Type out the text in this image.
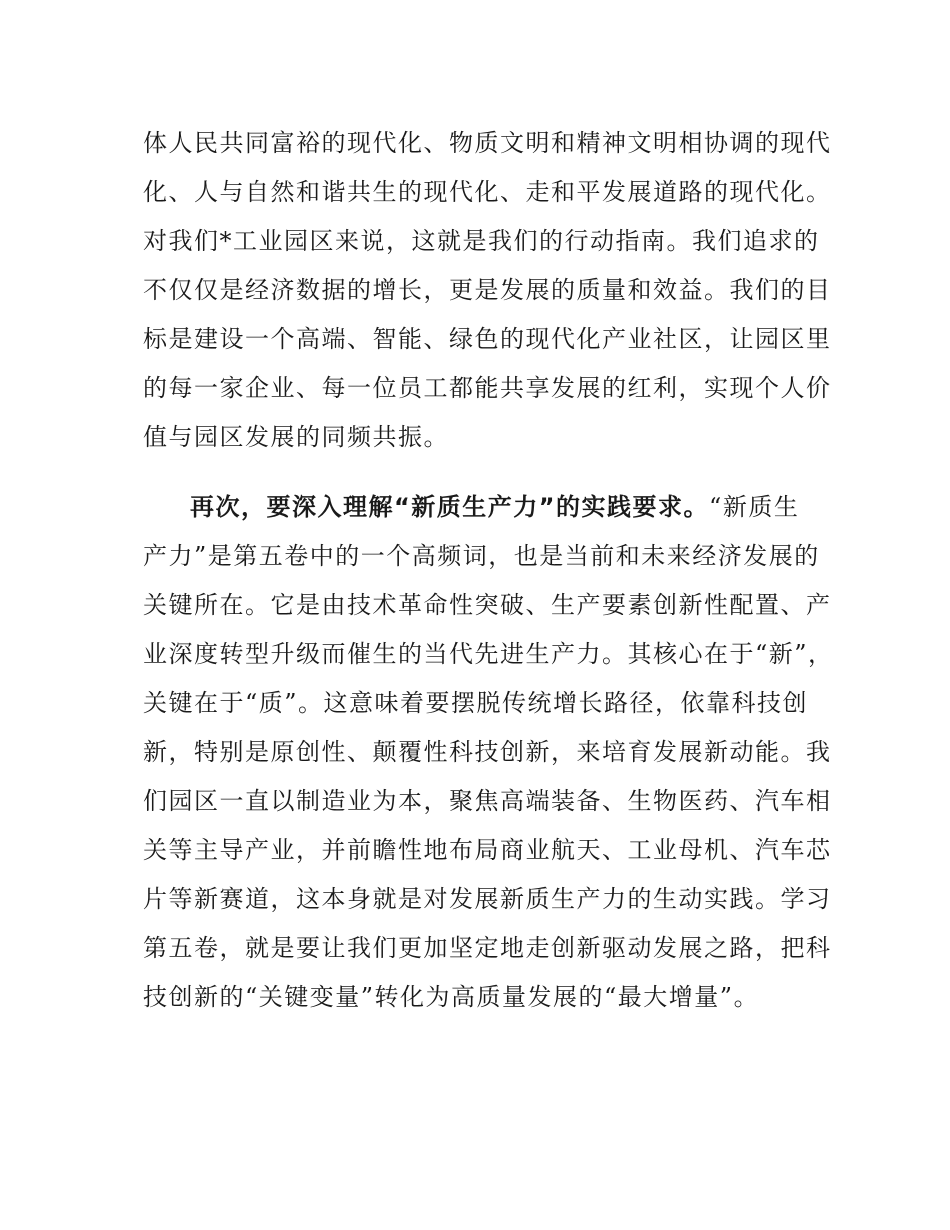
体人民共同富裕的现代化、物质文明和精神文明相协调的现代
化、人与自然和谐共生的现代化、走和平发展道路的现代化。
对我们*工业园区来说，这就是我们的行动指南。我们追求的
不仅仅是经济数据的增长，更是发展的质量和效益。我们的目
标是建设一个高端、智能、绿色的现代化产业社区，让园区里
的每一家企业、每一位员工都能共享发展的红利，实现个人价
值与园区发展的同频共振。
再次，要深入理解“新质生产力”的实践要求。“新质生
产力”是第五卷中的一个高频词，也是当前和未来经济发展的
关键所在。它是由技术革命性突破、生产要素创新性配置、产
业深度转型升级而催生的当代先进生产力。其核心在于“新”，
关键在于“质”。这意味着要摆脱传统增长路径，依靠科技创
新，特别是原创性、颠覆性科技创新，来培育发展新动能。我
们园区一直以制造业为本，聚焦高端装备、生物医药、汽车相
关等主导产业，并前瞻性地布局商业航天、工业母机、汽车芯
片等新赛道，这本身就是对发展新质生产力的生动实践。学习
第五卷，就是要让我们更加坚定地走创新驱动发展之路，把科
技创新的“关键变量”转化为高质量发展的“最大增量”。
